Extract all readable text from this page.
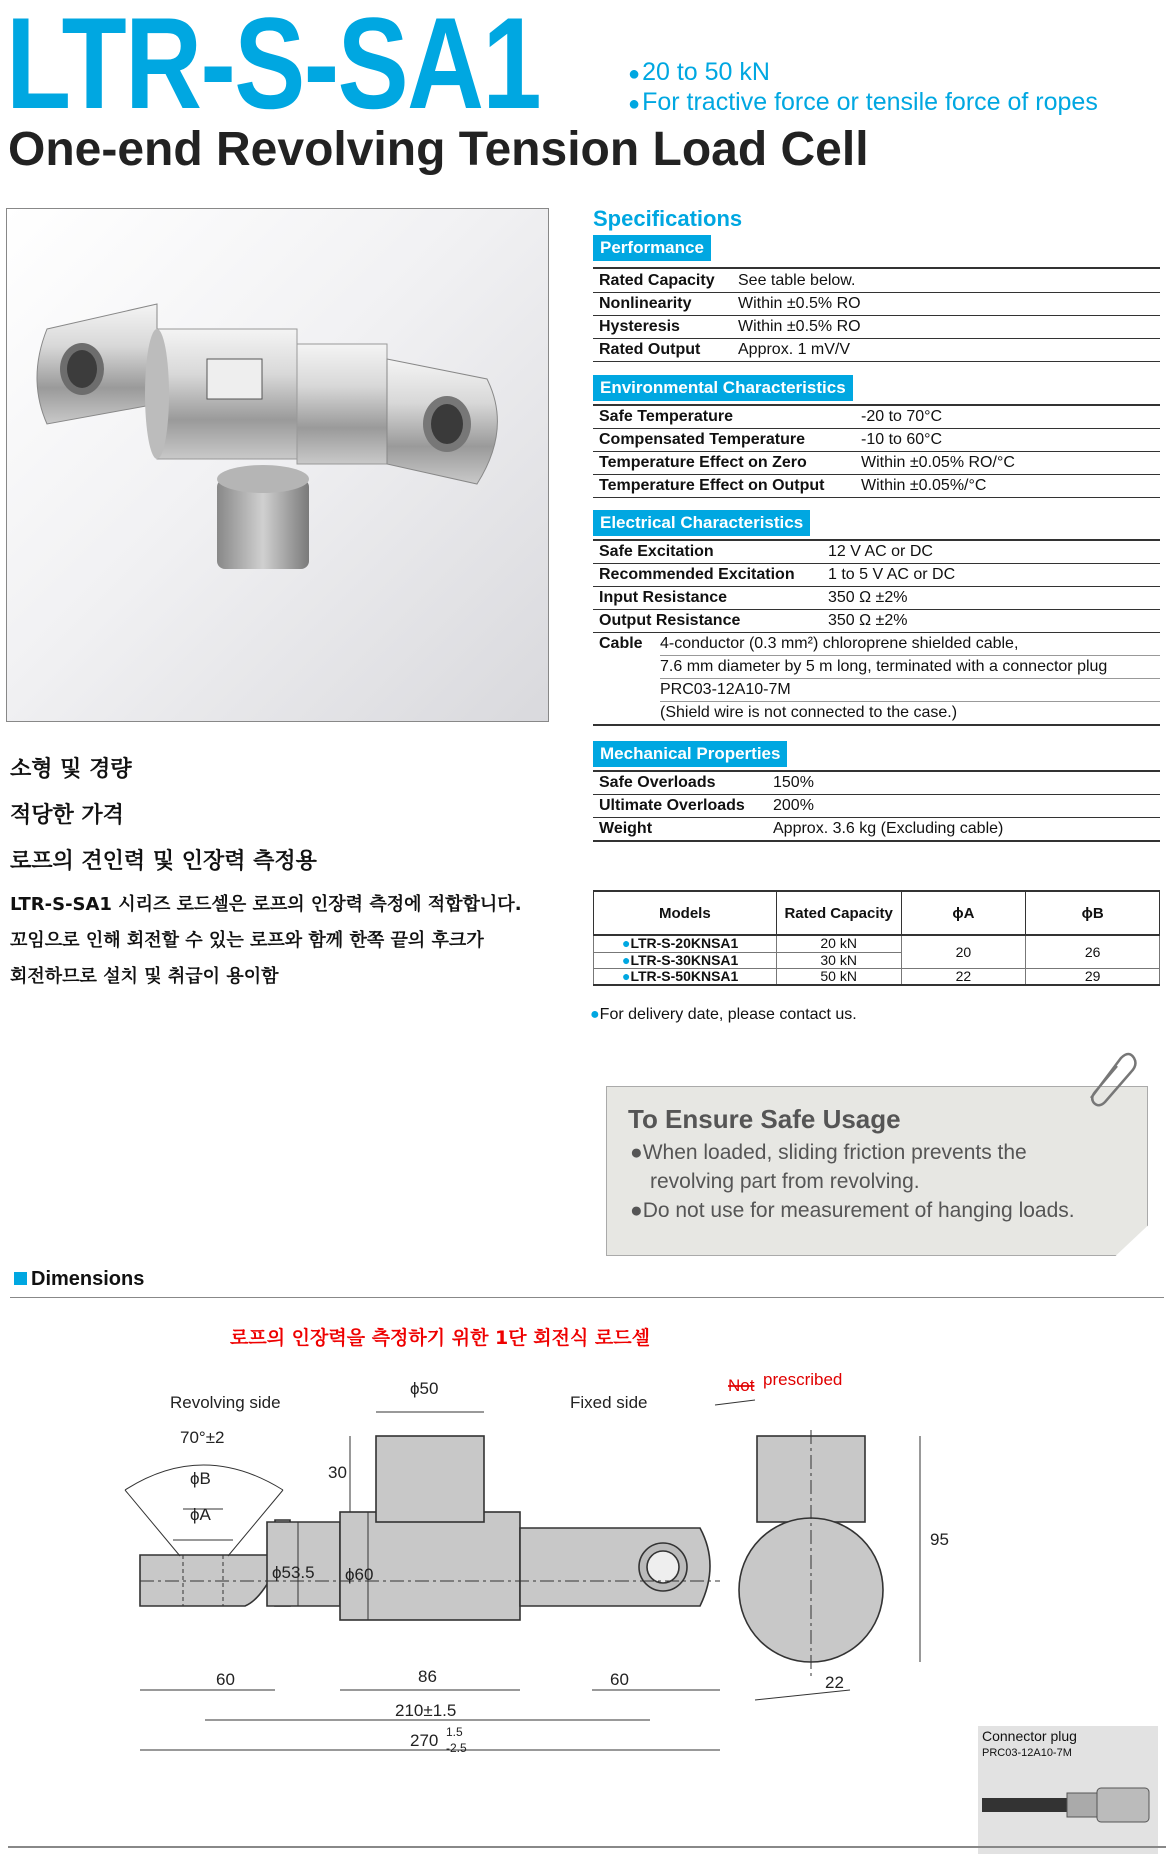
LTR-S-SA1	●20 to 50 kN
●For tractive force or tensile force of ropes
One-end Revolving Tension Load Cell
Specifications
Performance
Rated Capacity See table below.
Nonlinearity	Within ±0.5% RO
Hysteresis	Within ±0.5% RO
Rated Output Approx. 1 mV/V
Environmental Characteristics
Safe Temperature	-20 to 70°C
Compensated Temperature	-10 to 60°C
Temperature Effect on Zero	Within ±0.05% RO/°C
Temperature Effect on Output Within ±0.05%/°C
Electrical Characteristics
Safe Excitation	12 V AC or DC
Recommended Excitation 1 to 5 V AC or DC
Input Resistance	350 Ω ±2%
Output Resistance	350 Ω ±2%
Cable 4-conductor (0.3 mm²) chloroprene shielded cable,
7.6 mm diameter by 5 m long, terminated with a connector plug
PRC03-12A10-7M
(Shield wire is not connected to the case.)
Mechanical Properties
Safe Overloads	150%
Ultimate Overloads 200%
Weight	Approx. 3.6 kg (Excluding cable)
소형 및 경량
적당한 가격
로프의 견인력 및 인장력 측정용
LTR-S-SA1 시리즈 로드셀은 로프의 인장력 측정에 적합합니다.
꼬임으로 인해 회전할 수 있는 로프와 함께 한쪽 끝의 후크가
회전하므로 설치 및 취급이 용이함
Models	Rated Capacity	ϕA	ϕB
●LTR-S-20KNSA1	20 kN	20	26
●LTR-S-30KNSA1	30 kN		
●LTR-S-50KNSA1	50 kN	22	29
●For delivery date, please contact us.
To Ensure Safe Usage
●When loaded, sliding friction prevents the
revolving part from revolving.
●Do not use for measurement of hanging loads.
Dimensions
로프의 인장력을 측정하기 위한 1단 회전식 로드셀
Revolving side	Fixed side
70°±2
ϕB
ϕA
ϕ50
30
ϕ53.5 ϕ60
60	86	60
210±1.5
270 1.5
-2.5
95
22
Not prescribed
Connector plug
PRC03-12A10-7M
